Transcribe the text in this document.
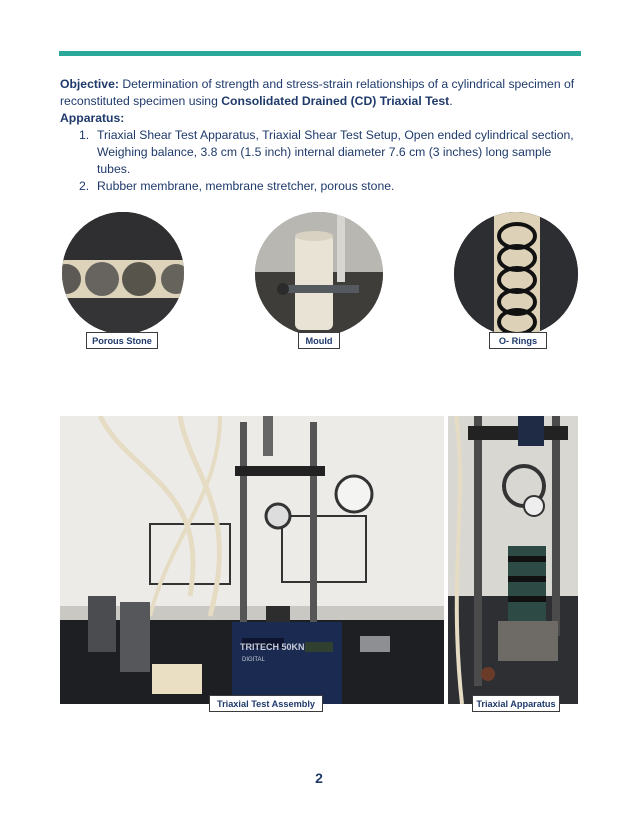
Objective: Determination of strength and stress-strain relationships of a cylindrical specimen of reconstituted specimen using Consolidated Drained (CD) Triaxial Test.

Apparatus:

1. Triaxial Shear Test Apparatus, Triaxial Shear Test Setup, Open ended cylindrical section, Weighing balance, 3.8 cm (1.5 inch) internal diameter 7.6 cm (3 inches) long sample tubes.
2. Rubber membrane, membrane stretcher, porous stone.
Porous Stone	Mould	O- Rings
TRITECH 50KN
DIGITAL
Triaxial Test Assembly	Triaxial Apparatus
2
